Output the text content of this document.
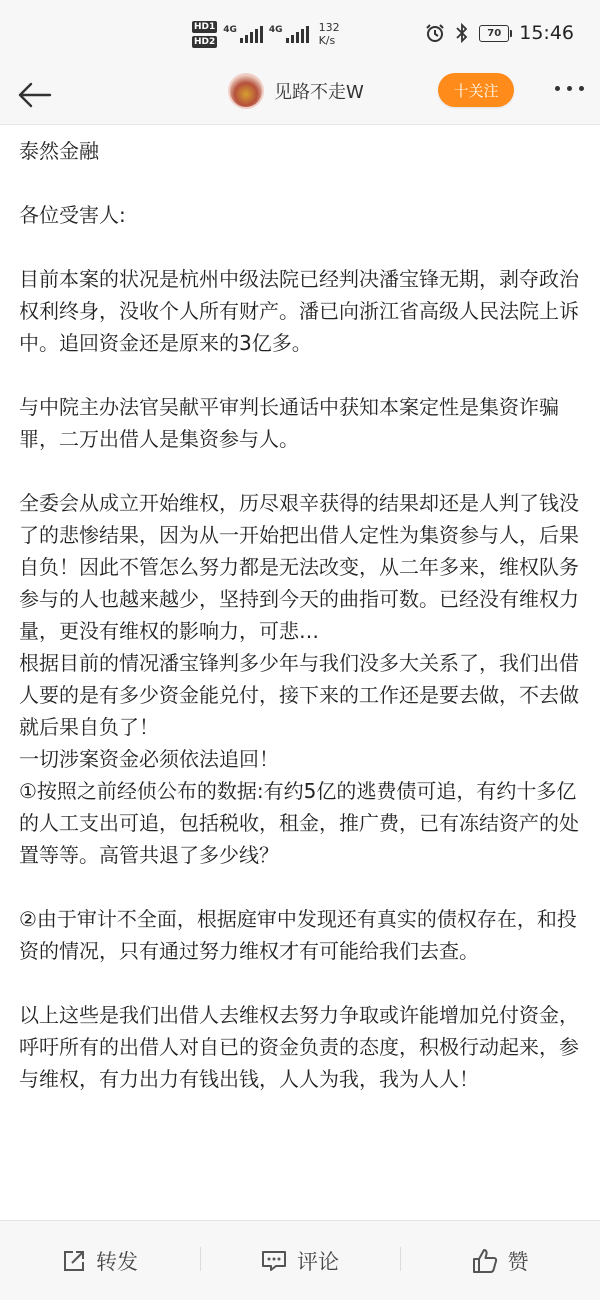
HD1
HD2
4G	4G	132
K/s
70 15:46
见路不走W	十关注

泰然金融

各位受害人:

目前本案的状况是杭州中级法院已经判决潘宝锋无期，剥夺政治权利终身，没收个人所有财产。潘已向浙江省高级人民法院上诉中。追回资金还是原来的3亿多。

与中院主办法官吴献平审判长通话中获知本案定性是集资诈骗罪，二万出借人是集资参与人。

全委会从成立开始维权，历尽艰辛获得的结果却还是人判了钱没了的悲惨结果，因为从一开始把出借人定性为集资参与人，后果自负！因此不管怎么努力都是无法改变，从二年多来，维权队务参与的人也越来越少，坚持到今天的曲指可数。已经没有维权力量，更没有维权的影响力，可悲…

根据目前的情况潘宝锋判多少年与我们没多大关系了，我们出借人要的是有多少资金能兑付，接下来的工作还是要去做，不去做就后果自负了！

一切涉案资金必须依法追回！

①按照之前经侦公布的数据:有约5亿的逃费债可追，有约十多亿的人工支出可追，包括税收，租金，推广费，已有冻结资产的处置等等。高管共退了多少线？

②由于审计不全面，根据庭审中发现还有真实的债权存在，和投资的情况，只有通过努力维权才有可能给我们去查。

以上这些是我们出借人去维权去努力争取或许能增加兑付资金，呼吁所有的出借人对自已的资金负责的态度，积极行动起来，参与维权，有力出力有钱出钱，人人为我，我为人人！

转发	评论	赞
